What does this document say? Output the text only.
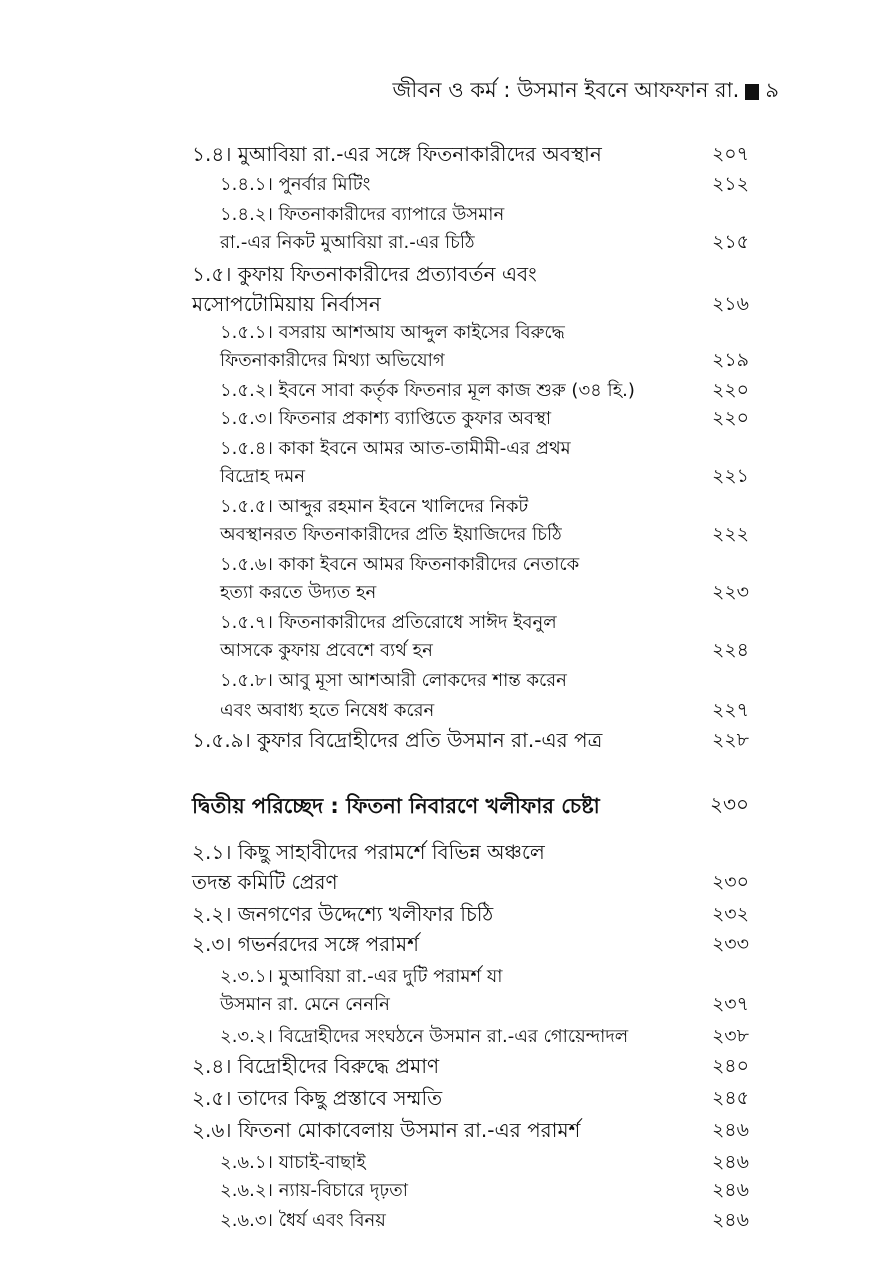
জীবন ও কর্ম : উসমান ইবনে আফফান রা. ৯
১.৪। মুআবিয়া রা.-এর সঙ্গে ফিতনাকারীদের অবস্থান	২০৭
১.৪.১। পুনর্বার মিটিং	২১২
১.৪.২। ফিতনাকারীদের ব্যাপারে উসমান
রা.-এর নিকট মুআবিয়া রা.-এর চিঠি	২১৫
১.৫। কুফায় ফিতনাকারীদের প্রত্যাবর্তন এবং
মসোপটোমিয়ায় নির্বাসন	২১৬
১.৫.১। বসরায় আশআয আব্দুল কাইসের বিরুদ্ধে
ফিতনাকারীদের মিথ্যা অভিযোগ	২১৯
১.৫.২। ইবনে সাবা কর্তৃক ফিতনার মূল কাজ শুরু (৩৪ হি.)	২২০
১.৫.৩। ফিতনার প্রকাশ্য ব্যাপ্তিতে কুফার অবস্থা	২২০
১.৫.৪। কাকা ইবনে আমর আত-তামীমী-এর প্রথম
বিদ্রোহ দমন	২২১
১.৫.৫। আব্দুর রহমান ইবনে খালিদের নিকট
অবস্থানরত ফিতনাকারীদের প্রতি ইয়াজিদের চিঠি	২২২
১.৫.৬। কাকা ইবনে আমর ফিতনাকারীদের নেতাকে
হত্যা করতে উদ্যত হন	২২৩
১.৫.৭। ফিতনাকারীদের প্রতিরোধে সাঈদ ইবনুল
আসকে কুফায় প্রবেশে ব্যর্থ হন	২২৪
১.৫.৮। আবু মূসা আশআরী লোকদের শান্ত করেন
এবং অবাধ্য হতে নিষেধ করেন	২২৭
১.৫.৯। কুফার বিদ্রোহীদের প্রতি উসমান রা.-এর পত্র	২২৮
দ্বিতীয় পরিচ্ছেদ : ফিতনা নিবারণে খলীফার চেষ্টা	২৩০
২.১। কিছু সাহাবীদের পরামর্শে বিভিন্ন অঞ্চলে
তদন্ত কমিটি প্রেরণ	২৩০
২.২। জনগণের উদ্দেশ্যে খলীফার চিঠি	২৩২
২.৩। গভর্নরদের সঙ্গে পরামর্শ	২৩৩
২.৩.১। মুআবিয়া রা.-এর দুটি পরামর্শ যা
উসমান রা. মেনে নেননি	২৩৭
২.৩.২। বিদ্রোহীদের সংঘঠনে উসমান রা.-এর গোয়েন্দাদল	২৩৮
২.৪। বিদ্রোহীদের বিরুদ্ধে প্রমাণ	২৪০
২.৫। তাদের কিছু প্রস্তাবে সম্মতি	২৪৫
২.৬। ফিতনা মোকাবেলায় উসমান রা.-এর পরামর্শ	২৪৬
২.৬.১। যাচাই-বাছাই	২৪৬
২.৬.২। ন্যায়-বিচারে দৃঢ়তা	২৪৬
২.৬.৩। ধৈর্য এবং বিনয়	২৪৬
